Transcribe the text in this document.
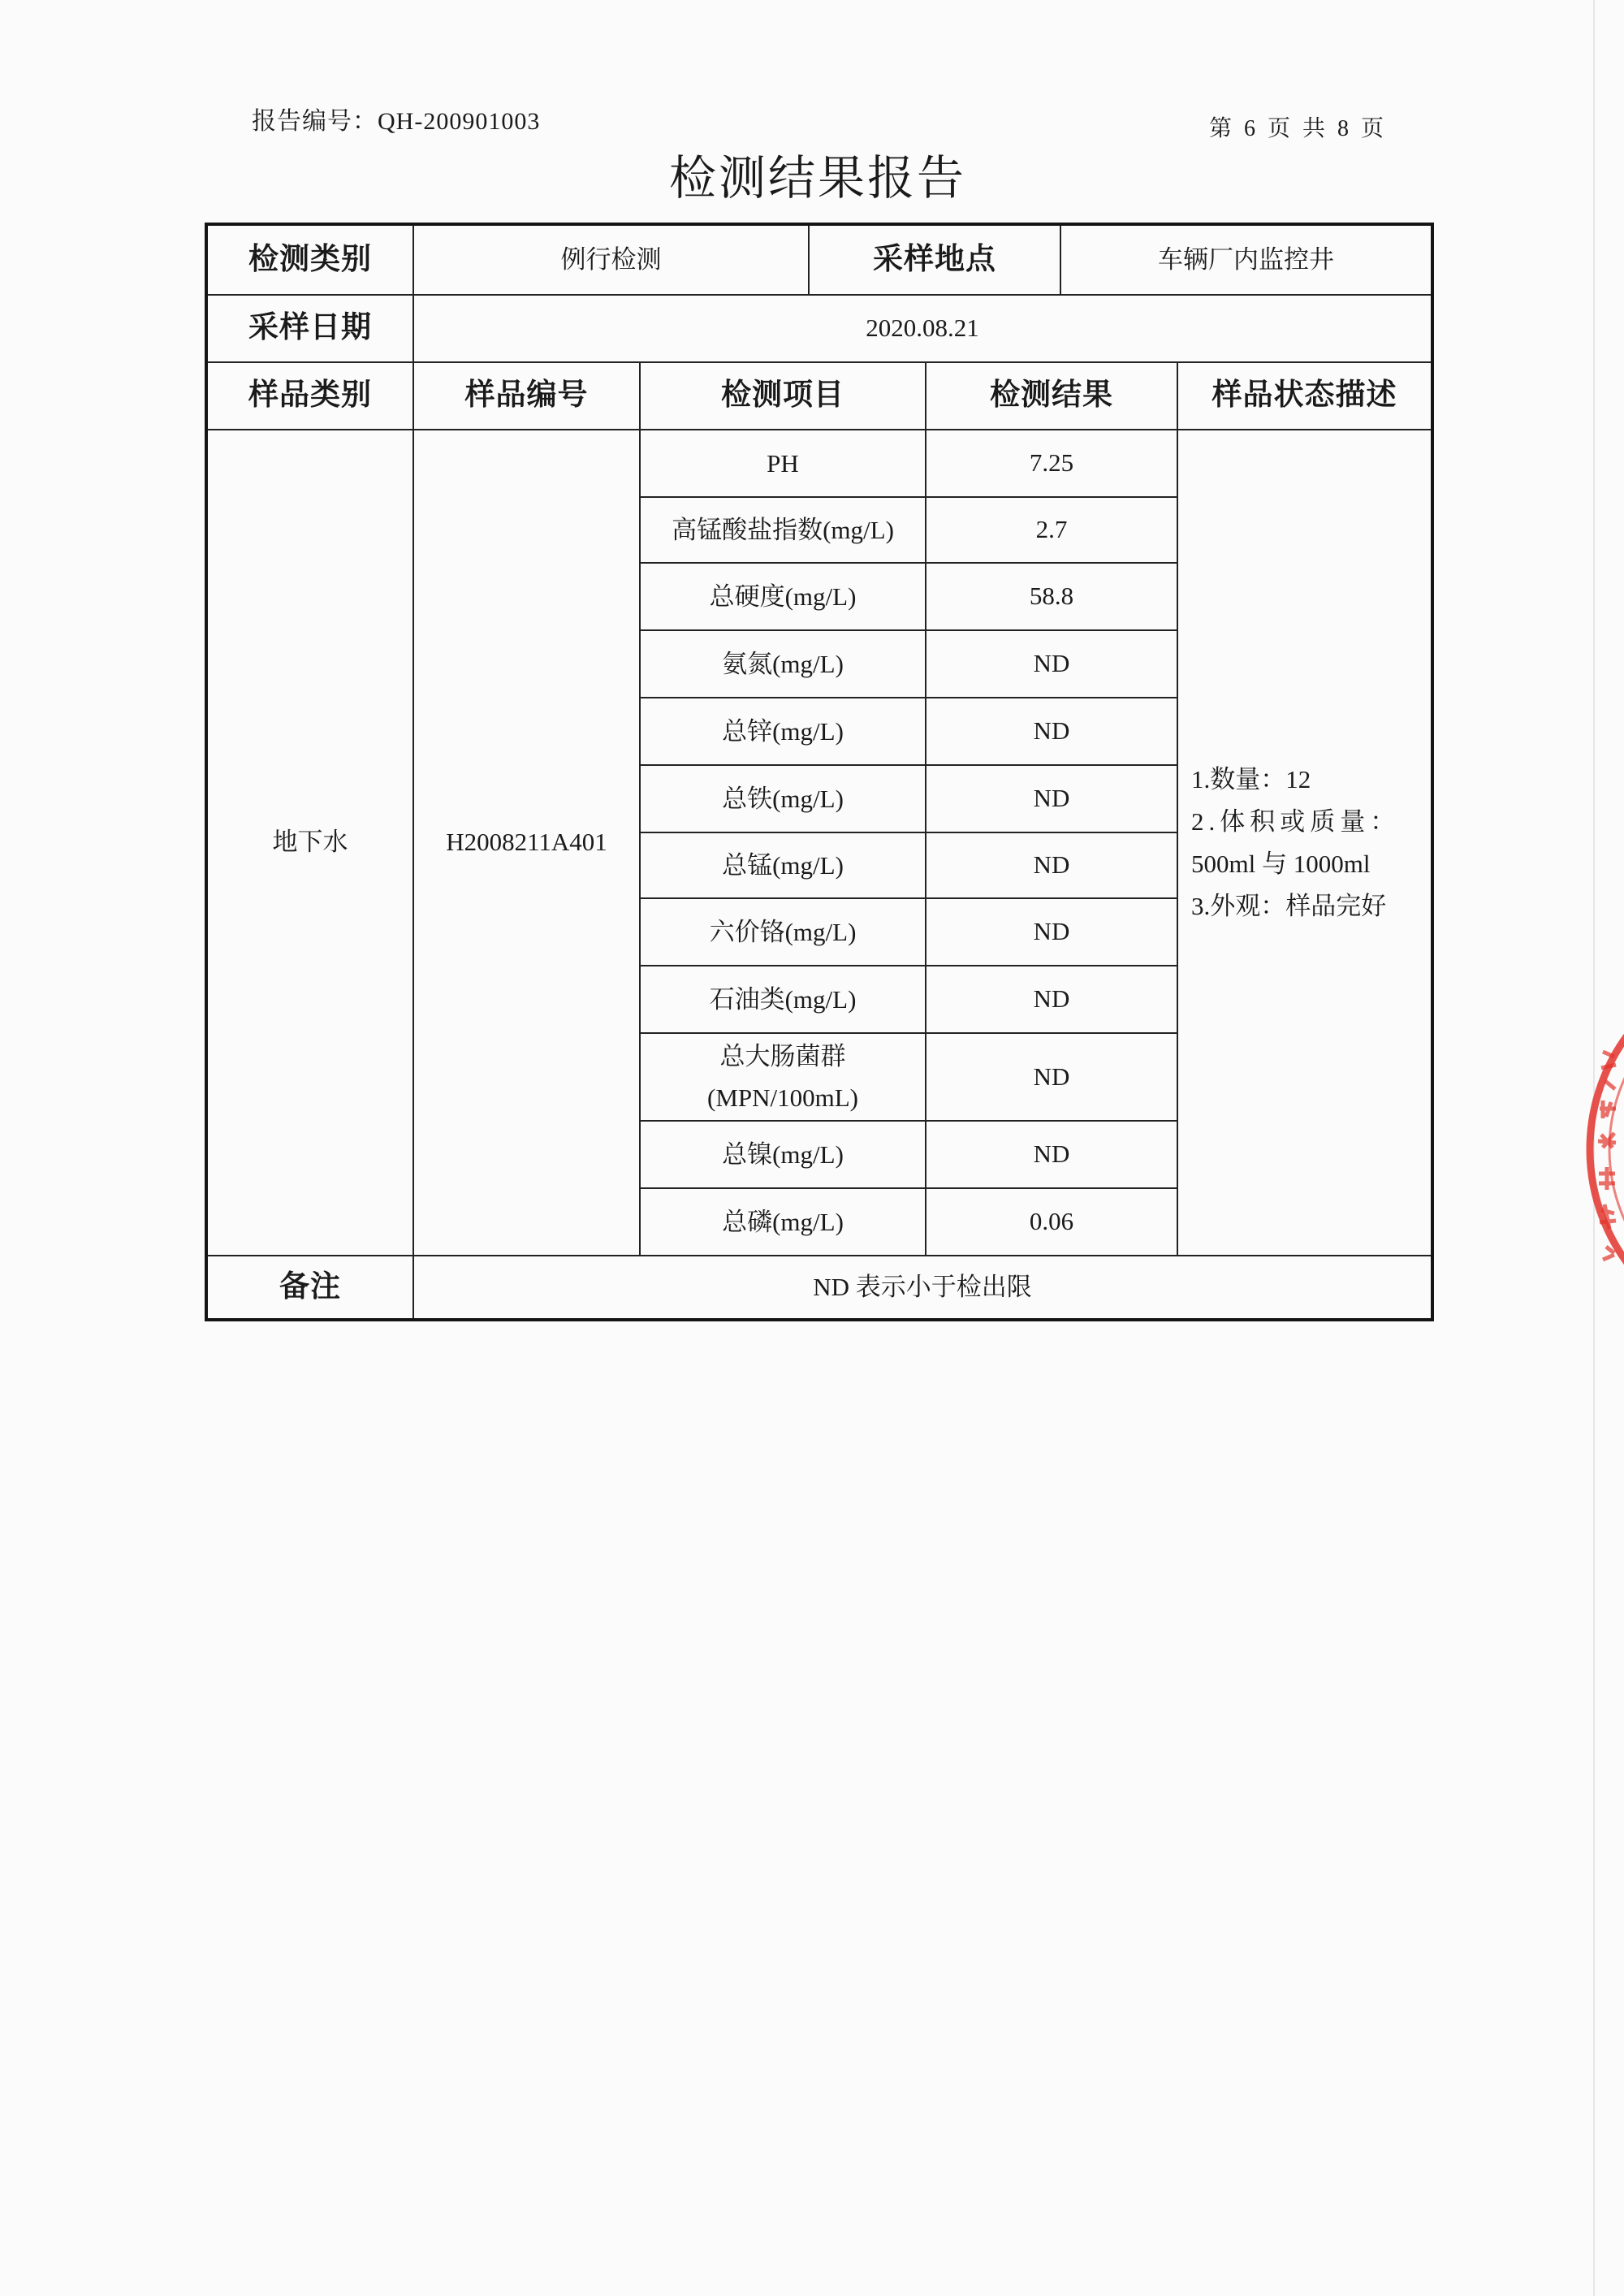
报告编号：QH-200901003	第 6 页 共 8 页
检测结果报告
检测类别	例行检测		采样地点		车辆厂内监控井	
采样日期	2020.08.21					
样品类别	样品编号	检测项目		检测结果		样品状态描述
地下水	H2008211A401	PH		7.25		1.数量：12
2.体积或质量：
500ml 与 1000ml
3.外观：样品完好

		高锰酸盐指数(mg/L)		2.7		
		总硬度(mg/L)		58.8		
		氨氮(mg/L)		ND		
		总锌(mg/L)		ND		
		总铁(mg/L)		ND		
		总锰(mg/L)		ND		
		六价铬(mg/L)		ND		
		石油类(mg/L)		ND		
		总大肠菌群
(MPN/100mL)		ND		
		总镍(mg/L)		ND		
		总磷(mg/L)		0.06		
备注	ND 表示小于检出限					
